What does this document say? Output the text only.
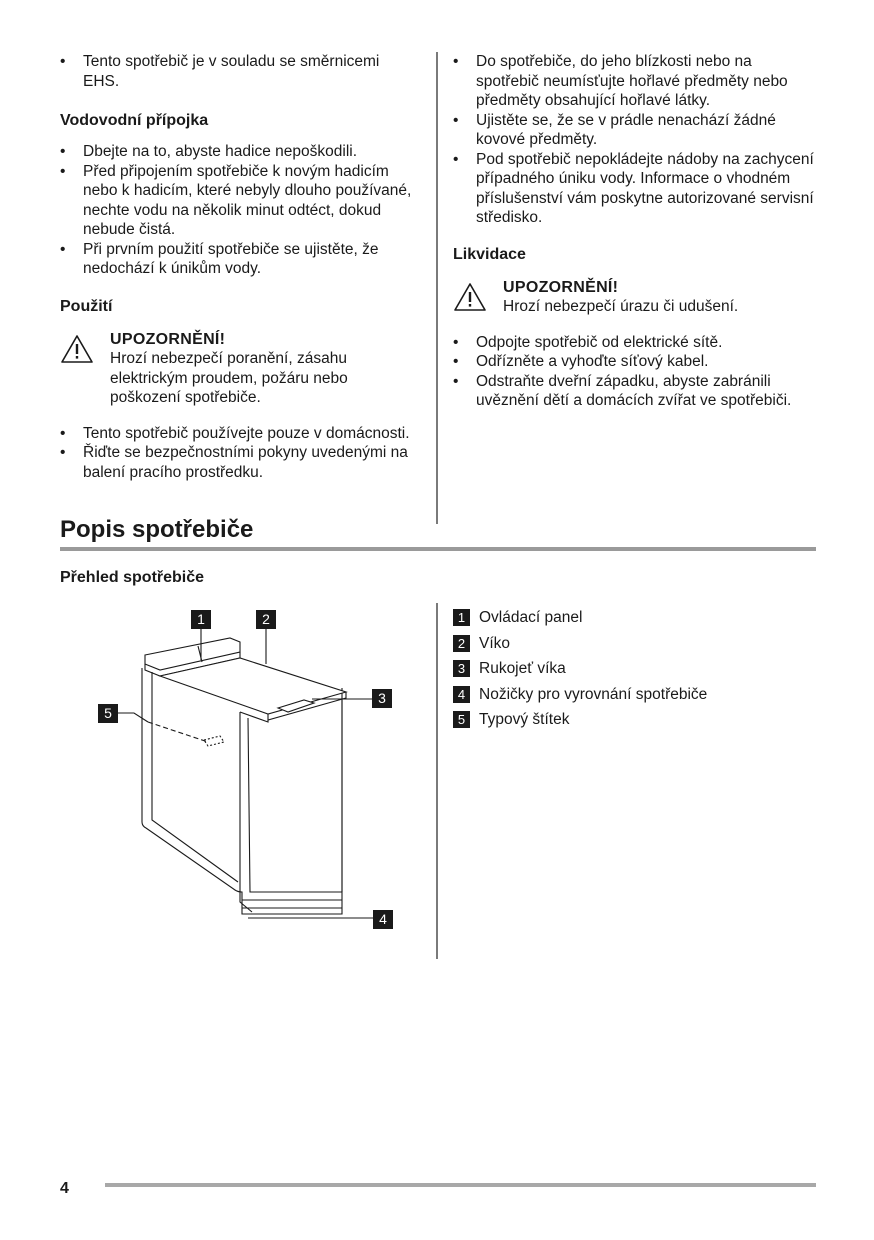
• Tento spotřebič je v souladu se směrnicemi EHS.
Vodovodní přípojka
• Dbejte na to, abyste hadice nepoškodili.
• Před připojením spotřebiče k novým hadicím nebo k hadicím, které nebyly dlouho používané, nechte vodu na několik minut odtéct, dokud nebude čistá.
• Při prvním použití spotřebiče se ujistěte, že nedochází k únikům vody.
Použití
UPOZORNĚNÍ!
Hrozí nebezpečí poranění, zásahu elektrickým proudem, požáru nebo poškození spotřebiče.
• Tento spotřebič používejte pouze v domácnosti.
• Řiďte se bezpečnostními pokyny uvedenými na balení pracího prostředku.
• Do spotřebiče, do jeho blízkosti nebo na spotřebič neumísťujte hořlavé předměty nebo předměty obsahující hořlavé látky.
• Ujistěte se, že se v prádle nenachází žádné kovové předměty.
• Pod spotřebič nepokládejte nádoby na zachycení případného úniku vody. Informace o vhodném příslušenství vám poskytne autorizované servisní středisko.
Likvidace
UPOZORNĚNÍ!
Hrozí nebezpečí úrazu či udušení.
• Odpojte spotřebič od elektrické sítě.
• Odřízněte a vyhoďte síťový kabel.
• Odstraňte dveřní západku, abyste zabránili uvěznění dětí a domácích zvířat ve spotřebiči.
Popis spotřebiče
Přehled spotřebiče
1	2
3
4
5
1 Ovládací panel
2 Víko
3 Rukojeť víka
4 Nožičky pro vyrovnání spotřebiče
5 Typový štítek
4
